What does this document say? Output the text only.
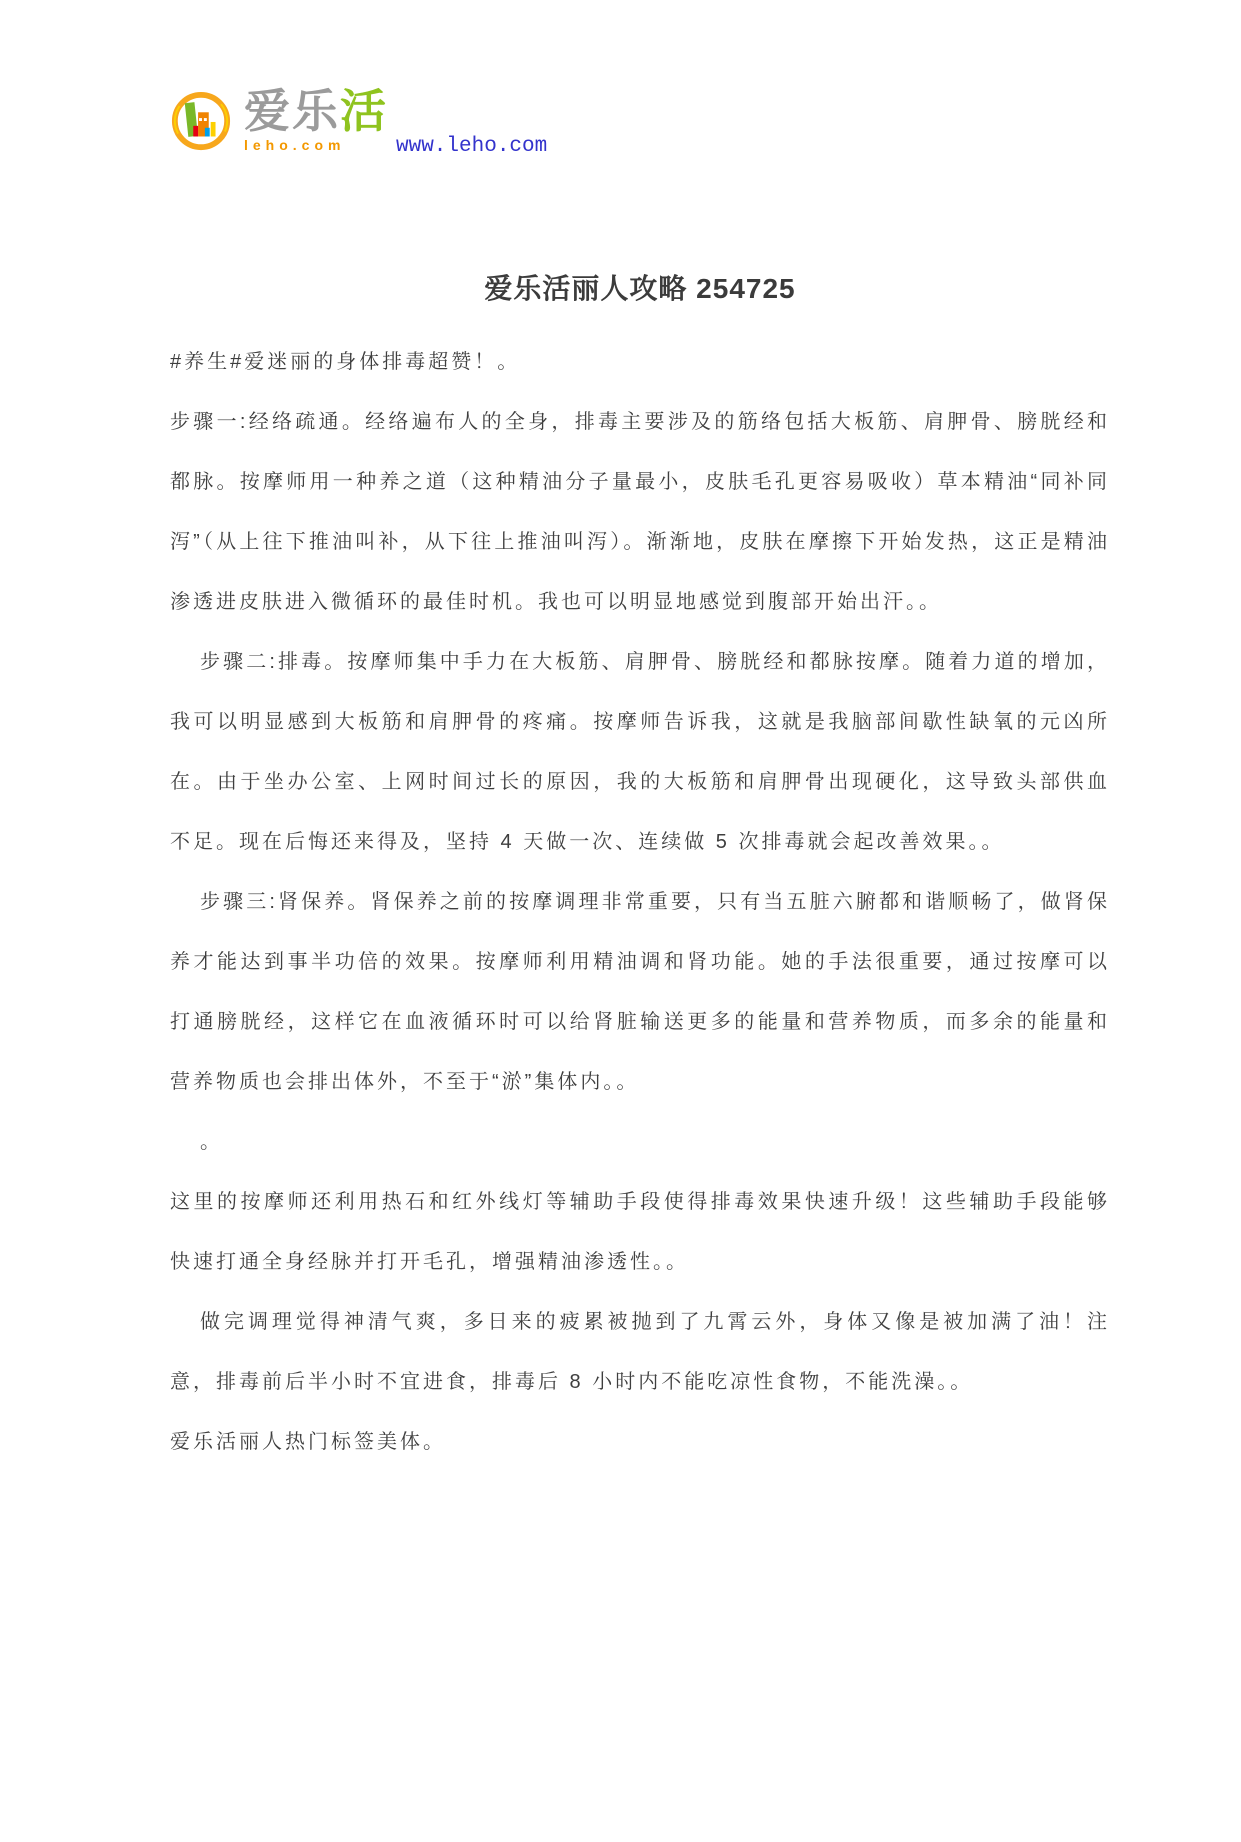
爱乐活
leho.com	www.leho.com
爱乐活丽人攻略 254725

#养生#爱迷丽的身体排毒超赞！。

步骤一:经络疏通。经络遍布人的全身，排毒主要涉及的筋络包括大板筋、肩胛骨、膀胱经和都脉。按摩师用一种养之道（这种精油分子量最小，皮肤毛孔更容易吸收）草本精油“同补同泻”（从上往下推油叫补，从下往上推油叫泻）。渐渐地，皮肤在摩擦下开始发热，这正是精油渗透进皮肤进入微循环的最佳时机。我也可以明显地感觉到腹部开始出汗。。

步骤二:排毒。按摩师集中手力在大板筋、肩胛骨、膀胱经和都脉按摩。随着力道的增加，我可以明显感到大板筋和肩胛骨的疼痛。按摩师告诉我，这就是我脑部间歇性缺氧的元凶所在。由于坐办公室、上网时间过长的原因，我的大板筋和肩胛骨出现硬化，这导致头部供血不足。现在后悔还来得及，坚持 4 天做一次、连续做 5 次排毒就会起改善效果。。

步骤三:肾保养。肾保养之前的按摩调理非常重要，只有当五脏六腑都和谐顺畅了，做肾保养才能达到事半功倍的效果。按摩师利用精油调和肾功能。她的手法很重要，通过按摩可以打通膀胱经，这样它在血液循环时可以给肾脏输送更多的能量和营养物质，而多余的能量和营养物质也会排出体外，不至于“淤”集体内。。

。

这里的按摩师还利用热石和红外线灯等辅助手段使得排毒效果快速升级！这些辅助手段能够快速打通全身经脉并打开毛孔，增强精油渗透性。。

做完调理觉得神清气爽，多日来的疲累被抛到了九霄云外，身体又像是被加满了油！注意，排毒前后半小时不宜进食，排毒后 8 小时内不能吃凉性食物，不能洗澡。。

爱乐活丽人热门标签美体。
